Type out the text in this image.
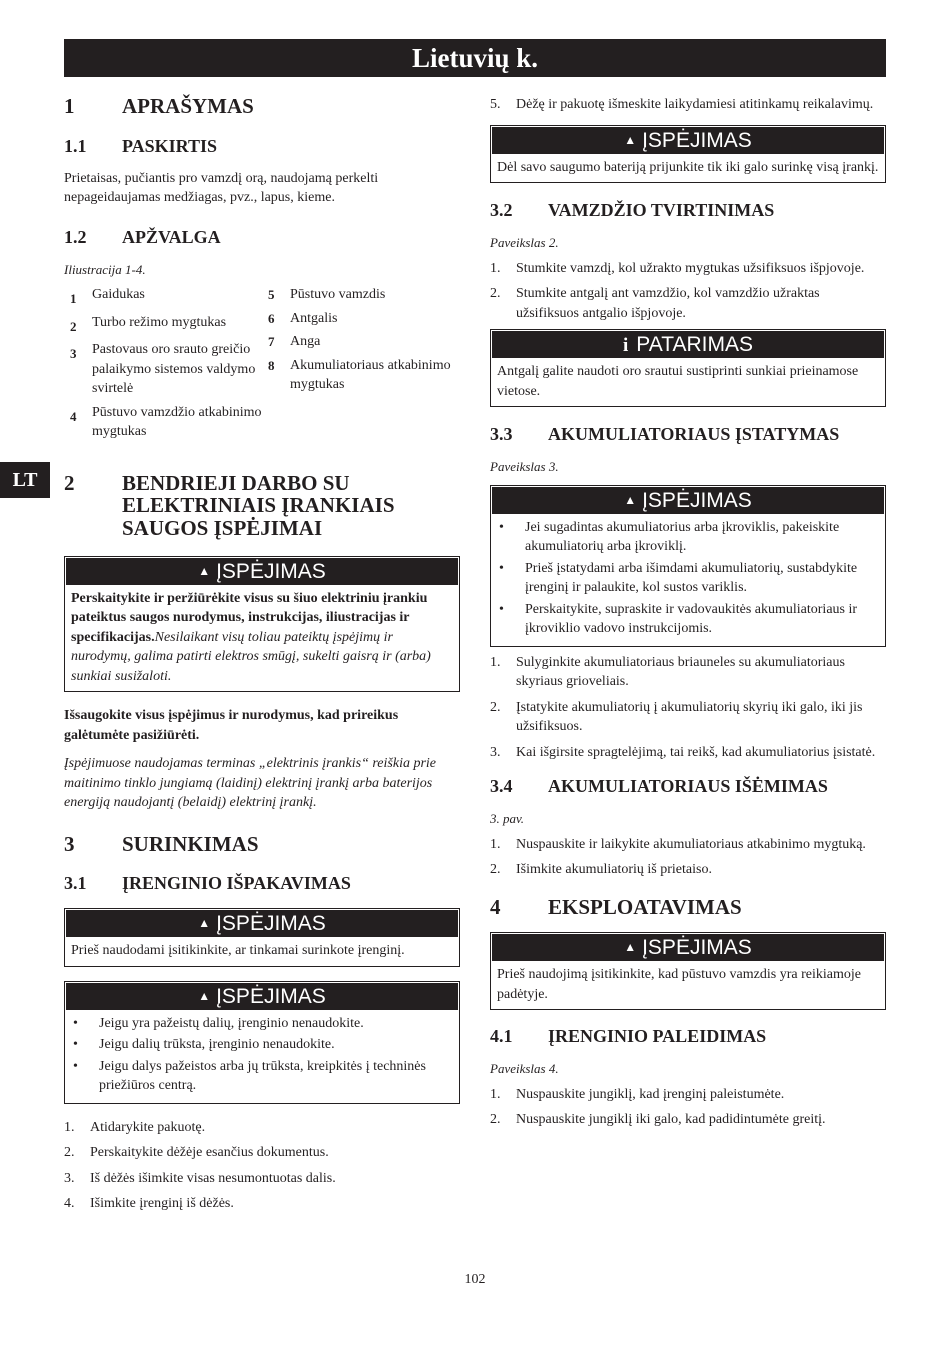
Lietuvių k.
LT
1	APRAŠYMAS
1.1	PASKIRTIS

Prietaisas, pučiantis pro vamzdį orą, naudojamą perkelti nepageidaujamas medžiagas, pvz., lapus, kieme.

1.2	APŽVALGA

Iliustracija 1-4.

1	Gaidukas
2	Turbo režimo mygtukas
3	Pastovaus oro srauto greičio palaikymo sistemos valdymo svirtelė
4	Pūstuvo vamzdžio atkabinimo mygtukas
5	Pūstuvo vamzdis
6	Antgalis
7	Anga
8	Akumuliatoriaus atkabinimo mygtukas
2	BENDRIEJI DARBO SU ELEKTRINIAIS ĮRANKIAIS SAUGOS ĮSPĖJIMAI
▲ ĮSPĖJIMAS

Perskaitykite ir peržiūrėkite visus su šiuo elektriniu įrankiu pateiktus saugos nurodymus, instrukcijas, iliustracijas ir specifikacijas.Nesilaikant visų toliau pateiktų įspėjimų ir nurodymų, galima patirti elektros smūgį, sukelti gaisrą ir (arba) sunkiai susižaloti.

Išsaugokite visus įspėjimus ir nurodymus, kad prireikus galėtumėte pasižiūrėti.

Įspėjimuose naudojamas terminas „elektrinis įrankis“ reiškia prie maitinimo tinklo jungiamą (laidinį) elektrinį įrankį arba baterijos energiją naudojantį (belaidį) elektrinį įrankį.

3	SURINKIMAS
3.1	ĮRENGINIO IŠPAKAVIMAS
▲ ĮSPĖJIMAS

Prieš naudodami įsitikinkite, ar tinkamai surinkote įrenginį.

▲ ĮSPĖJIMAS
•	Jeigu yra pažeistų dalių, įrenginio nenaudokite.
•	Jeigu dalių trūksta, įrenginio nenaudokite.
•	Jeigu dalys pažeistos arba jų trūksta, kreipkitės į techninės priežiūros centrą.
1.	Atidarykite pakuotę.
2.	Perskaitykite dėžėje esančius dokumentus.
3.	Iš dėžės išimkite visas nesumontuotas dalis.
4.	Išimkite įrenginį iš dėžės.
5.	Dėžę ir pakuotę išmeskite laikydamiesi atitinkamų reikalavimų.
▲ ĮSPĖJIMAS

Dėl savo saugumo bateriją prijunkite tik iki galo surinkę visą įrankį.

3.2	VAMZDŽIO TVIRTINIMAS

Paveikslas 2.

1.	Stumkite vamzdį, kol užrakto mygtukas užsifiksuos išpjovoje.
2.	Stumkite antgalį ant vamzdžio, kol vamzdžio užraktas užsifiksuos antgalio išpjovoje.
i PATARIMAS

Antgalį galite naudoti oro srautui sustiprinti sunkiai prieinamose vietose.

3.3	AKUMULIATORIAUS ĮSTATYMAS

Paveikslas 3.

▲ ĮSPĖJIMAS
•	Jei sugadintas akumuliatorius arba įkroviklis, pakeiskite akumuliatorių arba įkroviklį.
•	Prieš įstatydami arba išimdami akumuliatorių, sustabdykite įrenginį ir palaukite, kol sustos variklis.
•	Perskaitykite, supraskite ir vadovaukitės akumuliatoriaus ir įkroviklio vadovo instrukcijomis.
1.	Sulyginkite akumuliatoriaus briauneles su akumuliatoriaus skyriaus grioveliais.
2.	Įstatykite akumuliatorių į akumuliatorių skyrių iki galo, iki jis užsifiksuos.
3.	Kai išgirsite spragtelėjimą, tai reikš, kad akumuliatorius įsistatė.
3.4	AKUMULIATORIAUS IŠĖMIMAS

3. pav.

1.	Nuspauskite ir laikykite akumuliatoriaus atkabinimo mygtuką.
2.	Išimkite akumuliatorių iš prietaiso.
4	EKSPLOATAVIMAS
▲ ĮSPĖJIMAS

Prieš naudojimą įsitikinkite, kad pūstuvo vamzdis yra reikiamoje padėtyje.

4.1	ĮRENGINIO PALEIDIMAS

Paveikslas 4.

1.	Nuspauskite jungiklį, kad įrenginį paleistumėte.
2.	Nuspauskite jungiklį iki galo, kad padidintumėte greitį.
102
